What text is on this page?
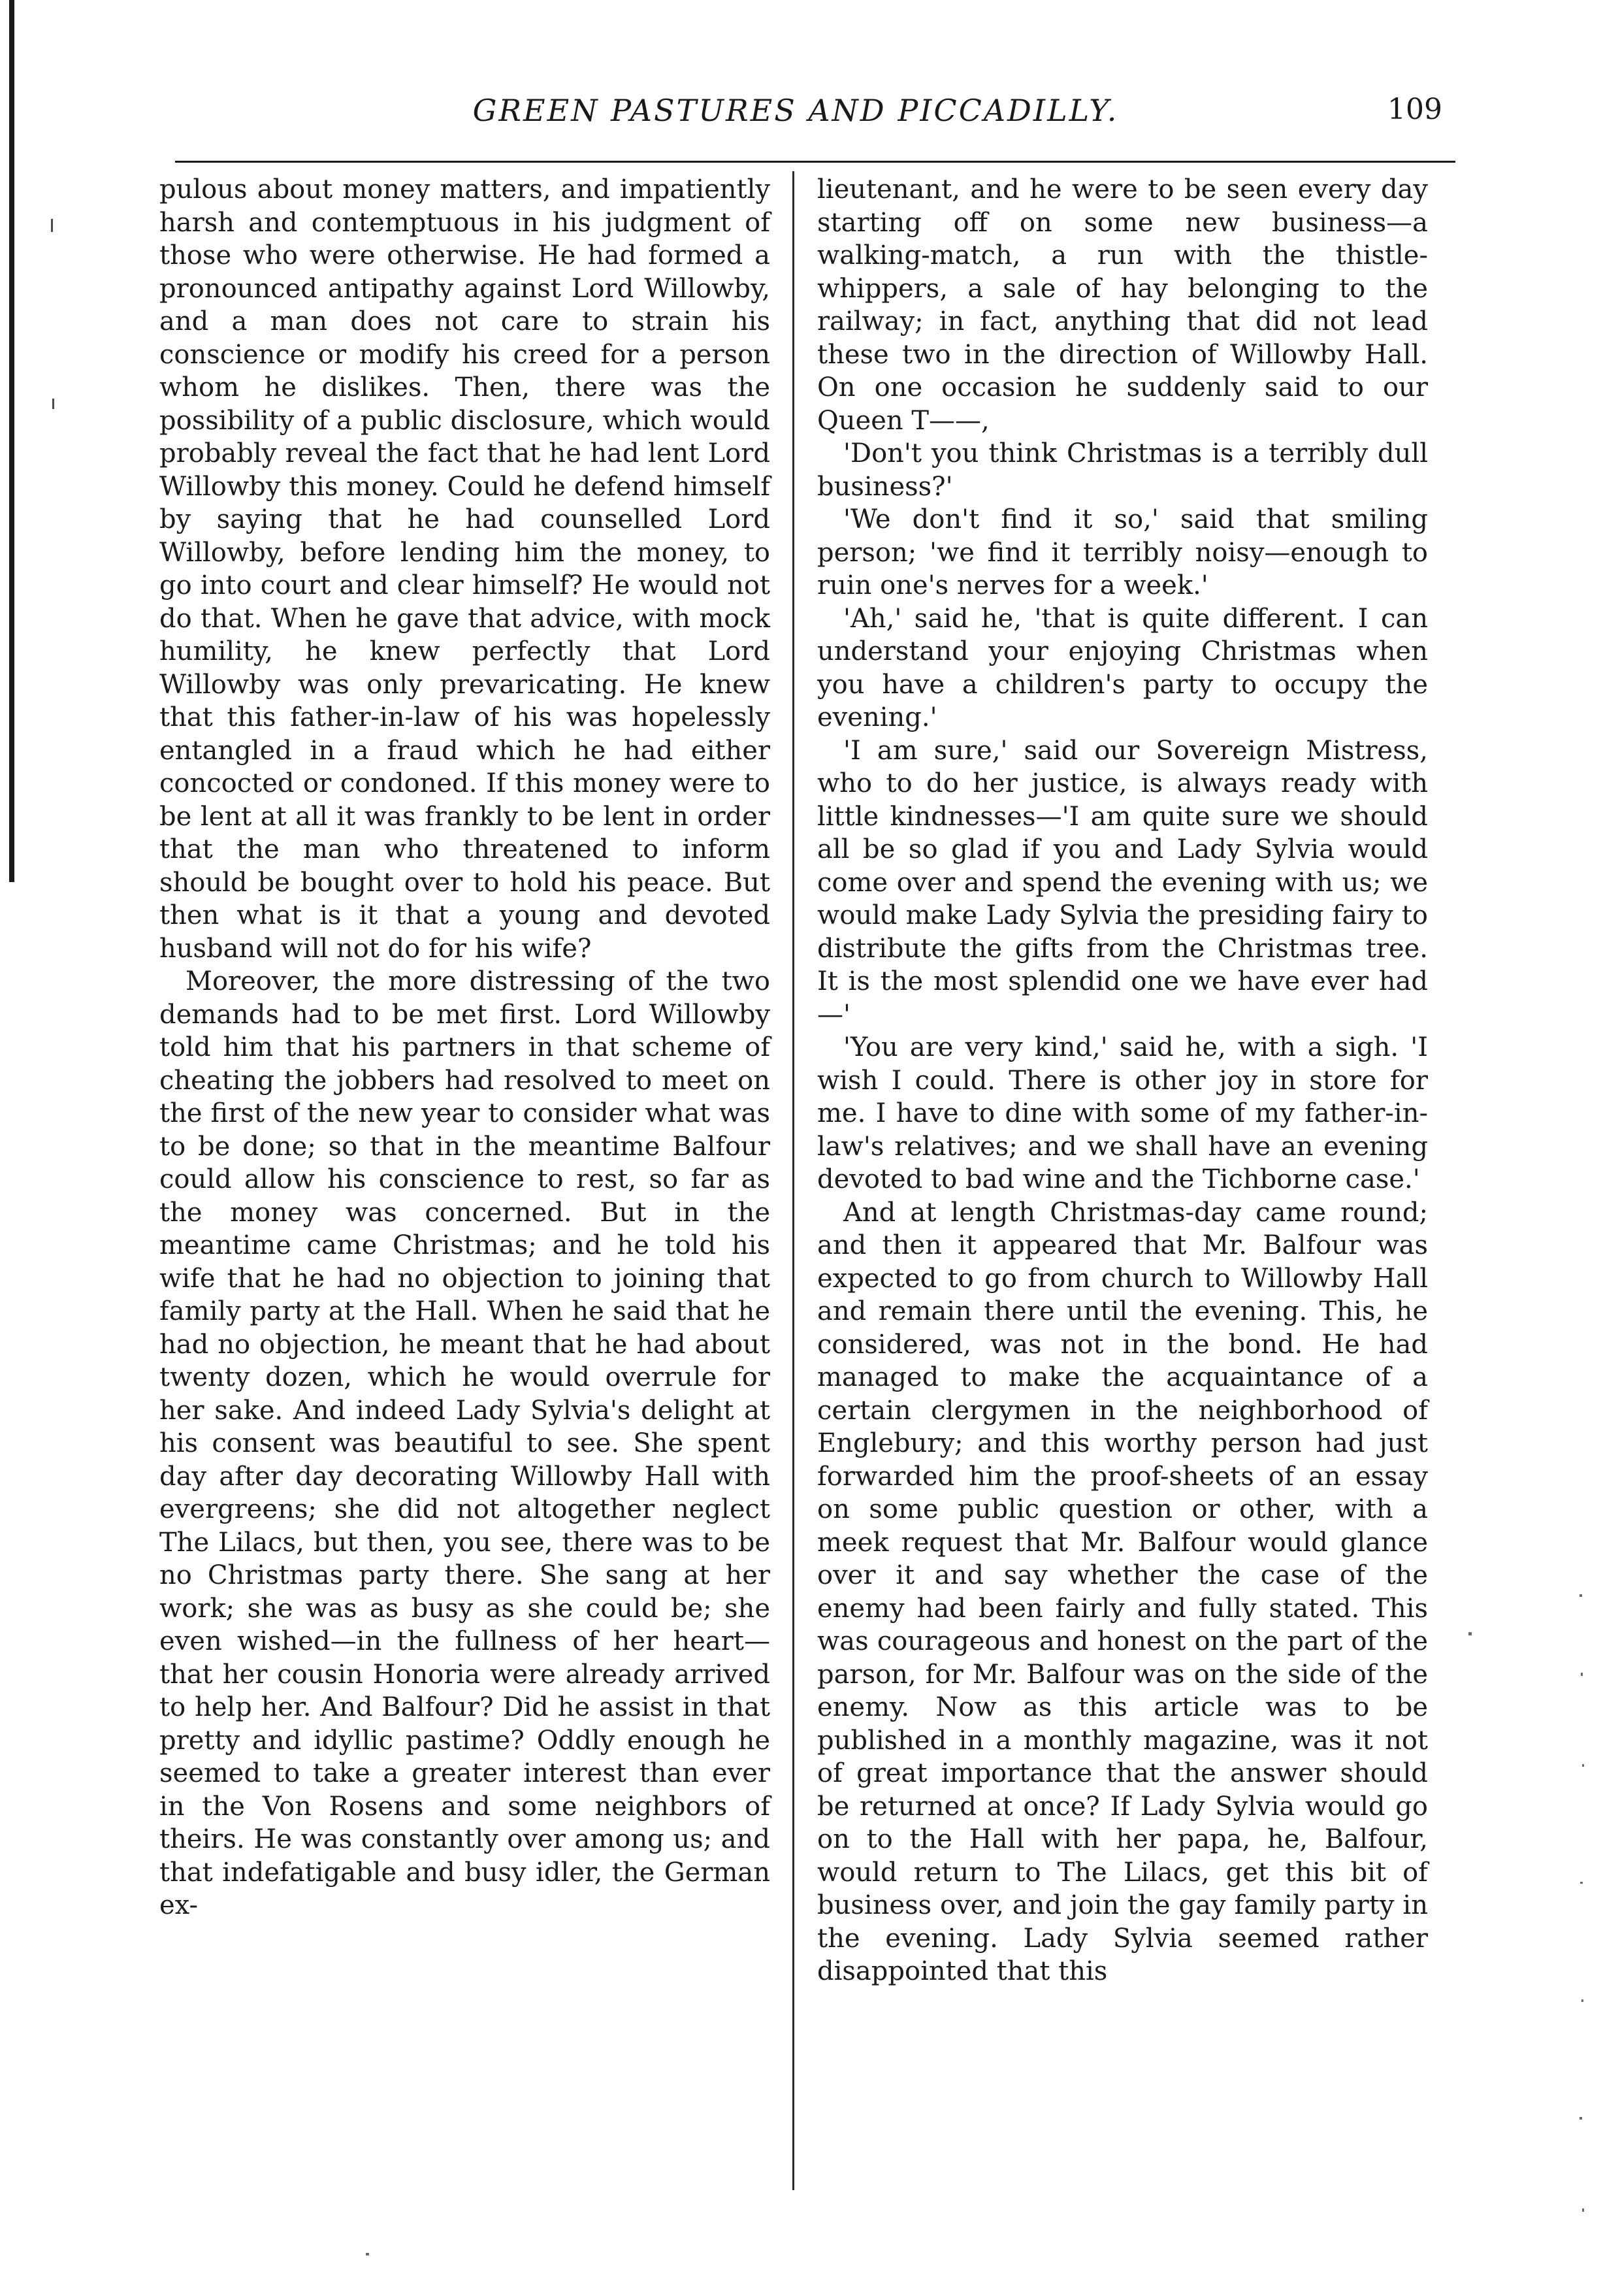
GREEN PASTURES AND PICCADILLY.	109

pulous about money matters, and impatiently harsh and contemptuous in his judgment of those who were otherwise. He had formed a pronounced antipathy against Lord Willowby, and a man does not care to strain his conscience or modify his creed for a person whom he dislikes. Then, there was the possibility of a public disclosure, which would probably reveal the fact that he had lent Lord Willowby this money. Could he defend himself by saying that he had counselled Lord Willowby, before lending him the money, to go into court and clear himself? He would not do that. When he gave that advice, with mock humility, he knew perfectly that Lord Willowby was only prevaricating. He knew that this father-in-law of his was hopelessly entangled in a fraud which he had either concocted or condoned. If this money were to be lent at all it was frankly to be lent in order that the man who threatened to inform should be bought over to hold his peace. But then what is it that a young and devoted husband will not do for his wife?

Moreover, the more distressing of the two demands had to be met first. Lord Willowby told him that his partners in that scheme of cheating the jobbers had resolved to meet on the first of the new year to consider what was to be done; so that in the meantime Balfour could allow his conscience to rest, so far as the money was concerned. But in the meantime came Christmas; and he told his wife that he had no objection to joining that family party at the Hall. When he said that he had no objection, he meant that he had about twenty dozen, which he would overrule for her sake. And indeed Lady Sylvia's delight at his consent was beautiful to see. She spent day after day decorating Willowby Hall with evergreens; she did not altogether neglect The Lilacs, but then, you see, there was to be no Christmas party there. She sang at her work; she was as busy as she could be; she even wished—in the fullness of her heart—that her cousin Honoria were already arrived to help her. And Balfour? Did he assist in that pretty and idyllic pastime? Oddly enough he seemed to take a greater interest than ever in the Von Rosens and some neighbors of theirs. He was constantly over among us; and that indefatigable and busy idler, the German ex-

lieutenant, and he were to be seen every day starting off on some new business—a walking-match, a run with the thistle-whippers, a sale of hay belonging to the railway; in fact, anything that did not lead these two in the direction of Willowby Hall. On one occasion he suddenly said to our Queen T——,

'Don't you think Christmas is a terribly dull business?'

'We don't find it so,' said that smiling person; 'we find it terribly noisy—enough to ruin one's nerves for a week.'

'Ah,' said he, 'that is quite different. I can understand your enjoying Christmas when you have a children's party to occupy the evening.'

'I am sure,' said our Sovereign Mistress, who to do her justice, is always ready with little kindnesses—'I am quite sure we should all be so glad if you and Lady Sylvia would come over and spend the evening with us; we would make Lady Sylvia the presiding fairy to distribute the gifts from the Christmas tree. It is the most splendid one we have ever had—'

'You are very kind,' said he, with a sigh. 'I wish I could. There is other joy in store for me. I have to dine with some of my father-in-law's relatives; and we shall have an evening devoted to bad wine and the Tichborne case.'

And at length Christmas-day came round; and then it appeared that Mr. Balfour was expected to go from church to Willowby Hall and remain there until the evening. This, he considered, was not in the bond. He had managed to make the acquaintance of a certain clergymen in the neighborhood of Englebury; and this worthy person had just forwarded him the proof-sheets of an essay on some public question or other, with a meek request that Mr. Balfour would glance over it and say whether the case of the enemy had been fairly and fully stated. This was courageous and honest on the part of the parson, for Mr. Balfour was on the side of the enemy. Now as this article was to be published in a monthly magazine, was it not of great importance that the answer should be returned at once? If Lady Sylvia would go on to the Hall with her papa, he, Balfour, would return to The Lilacs, get this bit of business over, and join the gay family party in the evening. Lady Sylvia seemed rather disappointed that this
